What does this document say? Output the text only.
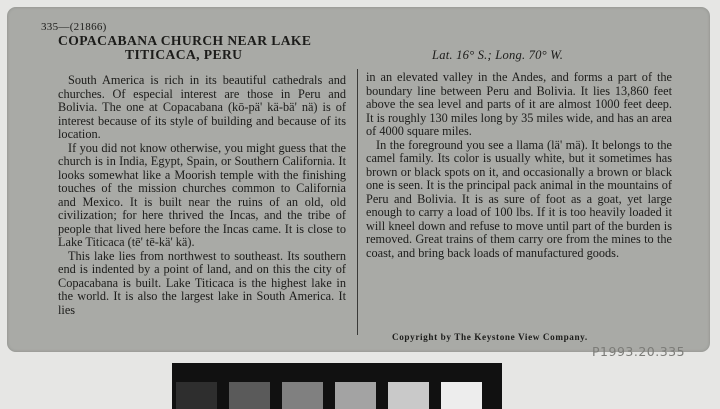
335—(21866)
COPACABANA CHURCH NEAR LAKE
TITICACA, PERU	Lat. 16° S.; Long. 70° W.

South America is rich in its beautiful cathedrals and churches. Of especial interest are those in Peru and Bolivia. The one at Copacabana (kō-pä' kä-bä' nä) is of interest because of its style of building and because of its location.

If you did not know otherwise, you might guess that the church is in India, Egypt, Spain, or Southern California. It looks somewhat like a Moorish temple with the finishing touches of the mission churches common to California and Mexico. It is built near the ruins of an old, old civilization; for here thrived the Incas, and the tribe of people that lived here before the Incas came. It is close to Lake Titicaca (tē' tē-kä' kä).

This lake lies from northwest to southeast. Its southern end is indented by a point of land, and on this the city of Copacabana is built. Lake Titicaca is the highest lake in the world. It is also the largest lake in South America. It lies

in an elevated valley in the Andes, and forms a part of the boundary line between Peru and Bolivia. It lies 13,860 feet above the sea level and parts of it are almost 1000 feet deep. It is roughly 130 miles long by 35 miles wide, and has an area of 4000 square miles.

In the foreground you see a llama (lä' mä). It belongs to the camel family. Its color is usually white, but it sometimes has brown or black spots on it, and occasionally a brown or black one is seen. It is the principal pack animal in the mountains of Peru and Bolivia. It is as sure of foot as a goat, yet large enough to carry a load of 100 lbs. If it is too heavily loaded it will kneel down and refuse to move until part of the burden is removed. Great trains of them carry ore from the mines to the coast, and bring back loads of manufactured goods.

Copyright by The Keystone View Company.
P1993.20.335
